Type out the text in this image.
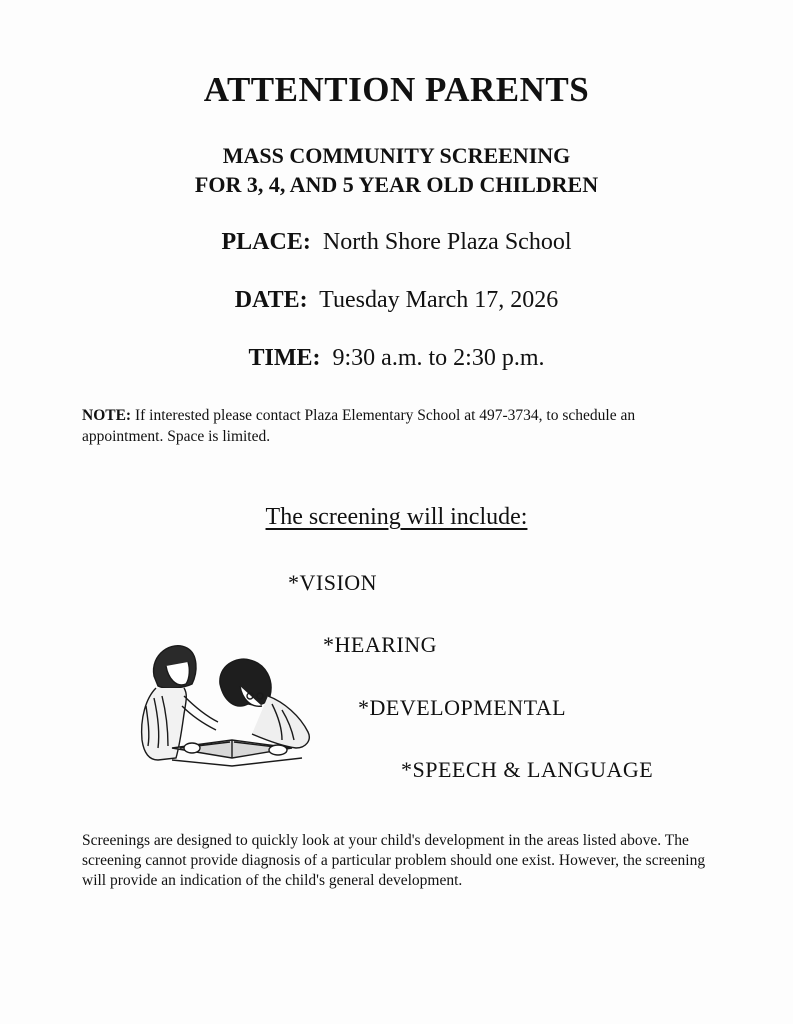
ATTENTION PARENTS
MASS COMMUNITY SCREENING
FOR 3, 4, AND 5 YEAR OLD CHILDREN
PLACE: North Shore Plaza School
DATE: Tuesday March 17, 2026
TIME: 9:30 a.m. to 2:30 p.m.
NOTE: If interested please contact Plaza Elementary School at 497-3734, to schedule an appointment. Space is limited.
The screening will include:
*VISION
*HEARING
*DEVELOPMENTAL
*SPEECH & LANGUAGE
Screenings are designed to quickly look at your child's development in the areas listed above. The screening cannot provide diagnosis of a particular problem should one exist. However, the screening will provide an indication of the child's general development.
